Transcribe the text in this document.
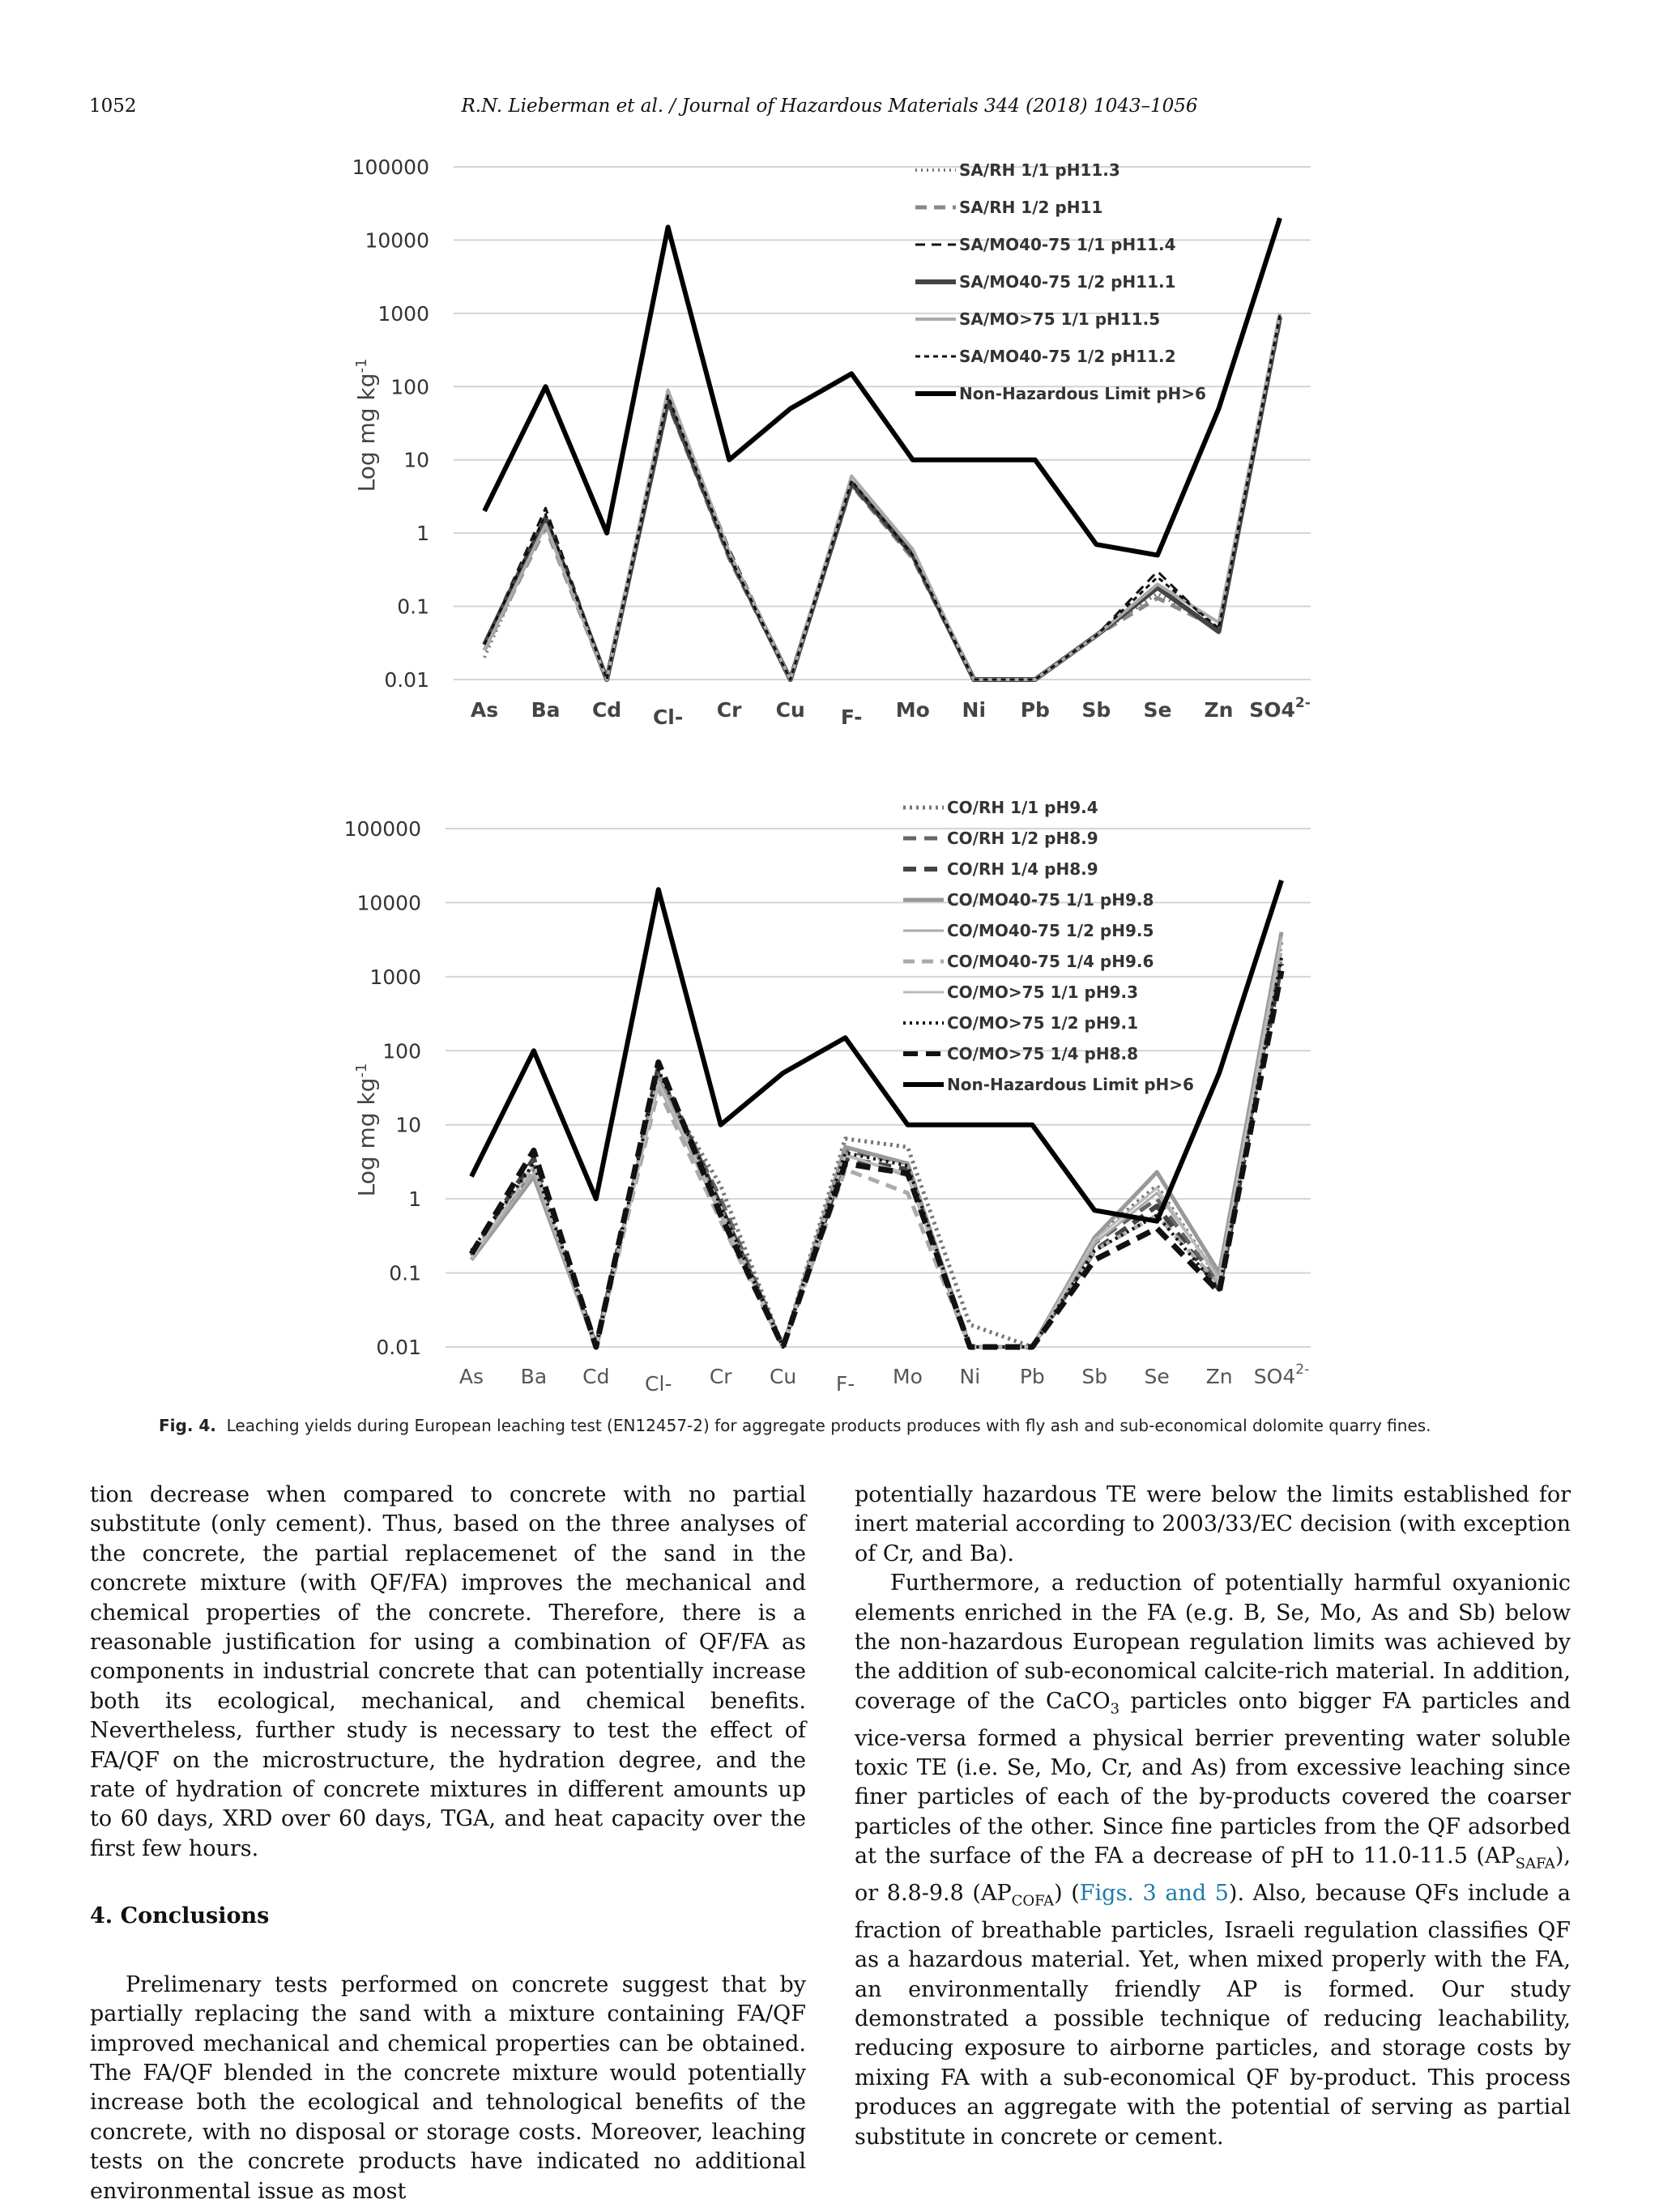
1052	R.N. Lieberman et al. / Journal of Hazardous Materials 344 (2018) 1043–1056
100000
10000
1000
100
10
1
0.1
0.01
Log mg $kg^{-1}$
As Ba Cd Cl- Cr Cu F- Mo Ni Pb Sb Se Zn $SO4^{2-}$
SA/RH 1/1 pH11.3
SA/RH 1/2 pH11
SA/MO40-75 1/1 pH11.4
SA/MO40-75 1/2 pH11.1
SA/MO>75 1/1 pH11.5
SA/MO40-75 1/2 pH11.2
Non-Hazardous Limit pH>6
100000
10000
1000
100
10
1
0.1
0.01
Log mg $kg^{-1}$
As Ba Cd Cl- Cr Cu F- Mo Ni Pb Sb Se Zn $SO4^{2-}$
CO/RH 1/1 pH9.4
CO/RH 1/2 pH8.9
CO/RH 1/4 pH8.9
CO/MO40-75 1/1 pH9.8
CO/MO40-75 1/2 pH9.5
CO/MO40-75 1/4 pH9.6
CO/MO>75 1/1 pH9.3
CO/MO>75 1/2 pH9.1
CO/MO>75 1/4 pH8.8
Non-Hazardous Limit pH>6
Fig. 4. Leaching yields during European leaching test (EN12457-2) for aggregate products produces with fly ash and sub-economical dolomite quarry fines.

tion decrease when compared to concrete with no partial substitute (only cement). Thus, based on the three analyses of the concrete, the partial replacemenet of the sand in the concrete mixture (with QF/FA) improves the mechanical and chemical properties of the concrete. Therefore, there is a reasonable justification for using a combination of QF/FA as components in industrial concrete that can potentially increase both its ecological, mechanical, and chemical benefits. Nevertheless, further study is necessary to test the effect of FA/QF on the microstructure, the hydration degree, and the rate of hydration of concrete mixtures in different amounts up to 60 days, XRD over 60 days, TGA, and heat capacity over the first few hours.

4. Conclusions

Prelimenary tests performed on concrete suggest that by partially replacing the sand with a mixture containing FA/QF improved mechanical and chemical properties can be obtained. The FA/QF blended in the concrete mixture would potentially increase both the ecological and tehnological benefits of the concrete, with no disposal or storage costs. Moreover, leaching tests on the concrete products have indicated no additional environmental issue as most

potentially hazardous TE were below the limits established for inert material according to 2003/33/EC decision (with exception of Cr, and Ba).

Furthermore, a reduction of potentially harmful oxyanionic elements enriched in the FA (e.g. B, Se, Mo, As and Sb) below the non-hazardous European regulation limits was achieved by the addition of sub-economical calcite-rich material. In addition, coverage of the CaCO$_3$ particles onto bigger FA particles and vice-versa formed a physical berrier preventing water soluble toxic TE (i.e. Se, Mo, Cr, and As) from excessive leaching since finer particles of each of the by-products covered the coarser particles of the other. Since fine particles from the QF adsorbed at the surface of the FA a decrease of pH to 11.0-11.5 $(AP_{SAFA})$, or 8.8-9.8 $(AP_{COFA})$ (Figs. 3 and 5). Also, because QFs include a fraction of breathable particles, Israeli regulation classifies QF as a hazardous material. Yet, when mixed properly with the FA, an environmentally friendly AP is formed. Our study demonstrated a possible technique of reducing leachability, reducing exposure to airborne particles, and storage costs by mixing FA with a sub-economical QF by-product. This process produces an aggregate with the potential of serving as partial substitute in concrete or cement.
